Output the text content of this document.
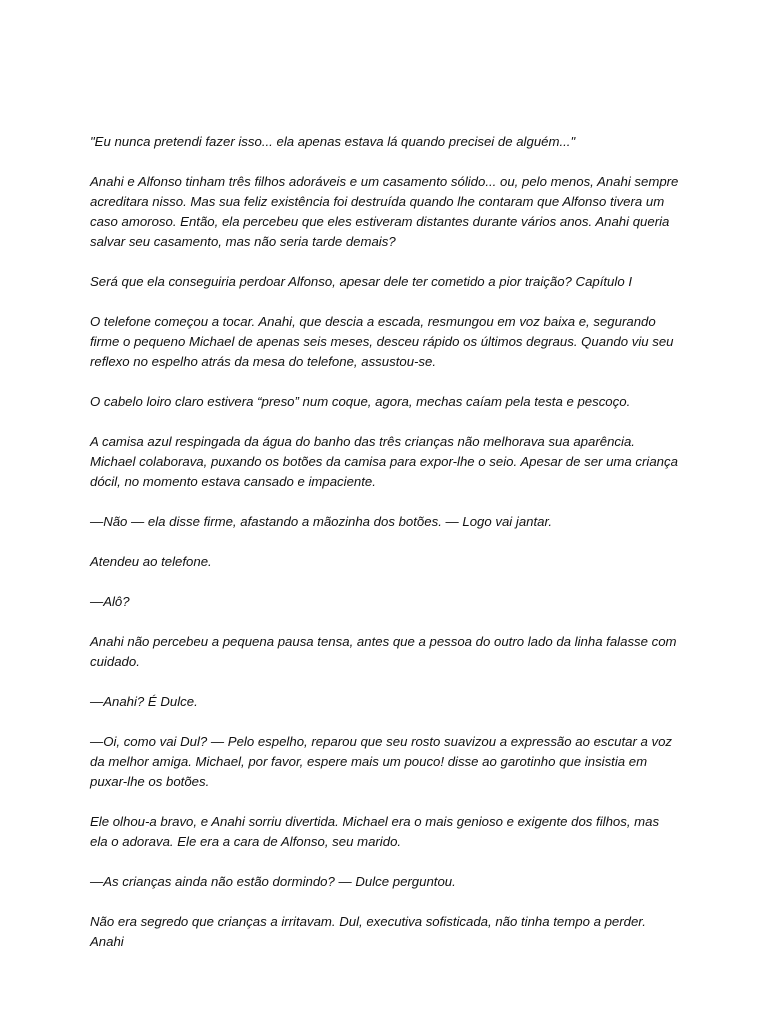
"Eu nunca pretendi fazer isso... ela apenas estava lá quando precisei de alguém..."

Anahi e Alfonso tinham três filhos adoráveis e um casamento sólido... ou, pelo menos, Anahi sempre acreditara nisso. Mas sua feliz existência foi destruída quando lhe contaram que Alfonso tivera um caso amoroso. Então, ela percebeu que eles estiveram distantes durante vários anos. Anahi queria salvar seu casamento, mas não seria tarde demais?

Será que ela conseguiria perdoar Alfonso, apesar dele ter cometido a pior traição? Capítulo I

O telefone começou a tocar. Anahi, que descia a escada, resmungou em voz baixa e, segurando firme o pequeno Michael de apenas seis meses, desceu rápido os últimos degraus. Quando viu seu reflexo no espelho atrás da mesa do telefone, assustou-se.

O cabelo loiro claro estivera “preso” num coque, agora, mechas caíam pela testa e pescoço.

A camisa azul respingada da água do banho das três crianças não melhorava sua aparência. Michael colaborava, puxando os botões da camisa para expor-lhe o seio. Apesar de ser uma criança dócil, no momento estava cansado e impaciente.

—Não — ela disse firme, afastando a mãozinha dos botões. — Logo vai jantar.

Atendeu ao telefone.

—Alô?

Anahi não percebeu a pequena pausa tensa, antes que a pessoa do outro lado da linha falasse com cuidado.

—Anahi? É Dulce.

—Oi, como vai Dul? — Pelo espelho, reparou que seu rosto suavizou a expressão ao escutar a voz da melhor amiga. Michael, por favor, espere mais um pouco! disse ao garotinho que insistia em puxar-lhe os botões.

Ele olhou-a bravo, e Anahi sorriu divertida. Michael era o mais genioso e exigente dos filhos, mas ela o adorava. Ele era a cara de Alfonso, seu marido.

—As crianças ainda não estão dormindo? — Dulce perguntou.

Não era segredo que crianças a irritavam. Dul, executiva sofisticada, não tinha tempo a perder. Anahi
